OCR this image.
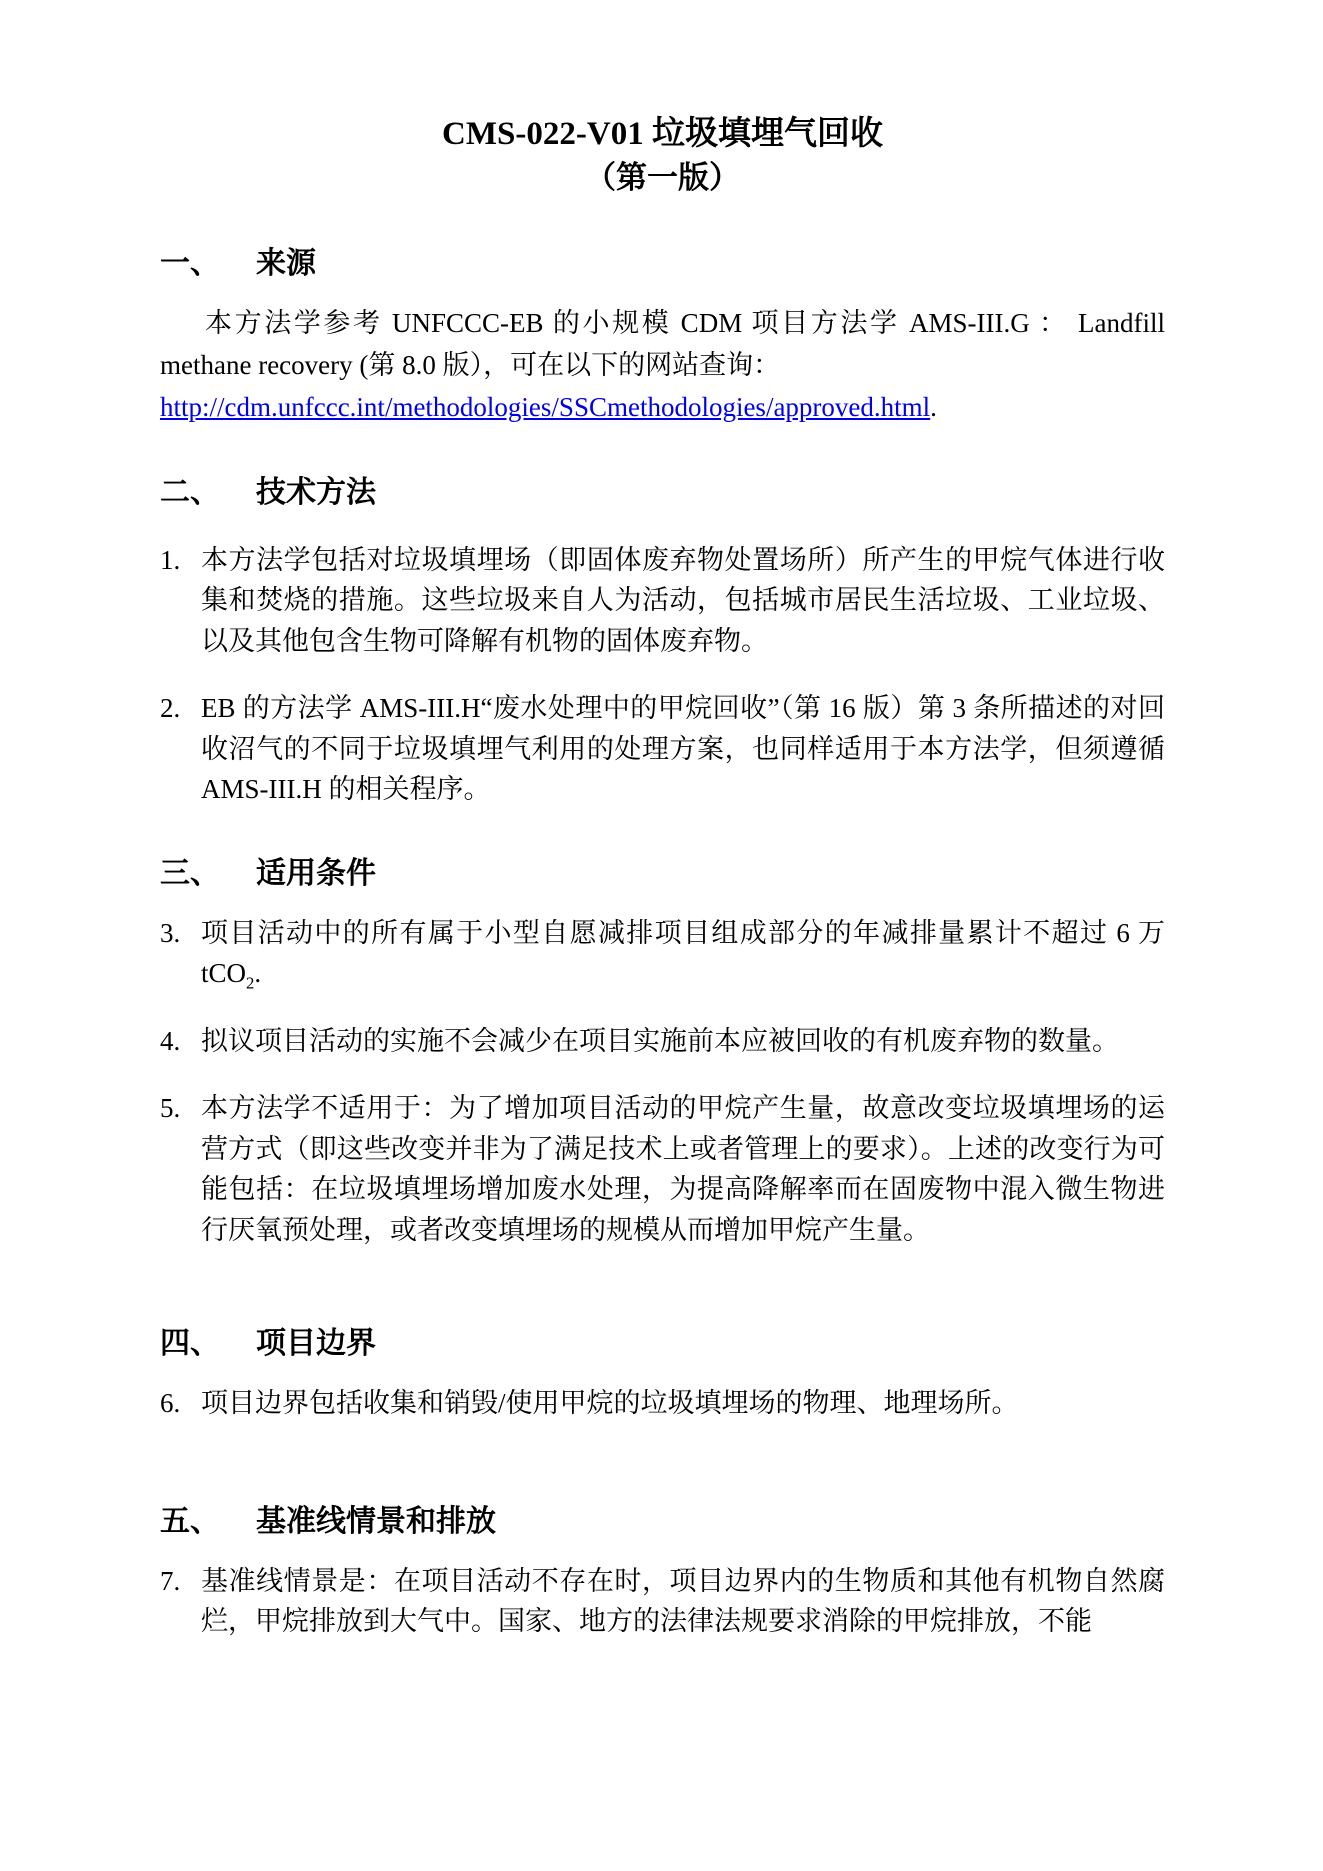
CMS-022-V01 垃圾填埋气回收
（第一版）
一、 来源

本方法学参考 UNFCCC-EB 的小规模 CDM 项目方法学 AMS-III.G ： Landfill methane recovery (第 8.0 版），可在以下的网站查询：

http://cdm.unfccc.int/methodologies/SSCmethodologies/approved.html.

二、 技术方法
1. 本方法学包括对垃圾填埋场（即固体废弃物处置场所）所产生的甲烷气体进行收集和焚烧的措施。这些垃圾来自人为活动，包括城市居民生活垃圾、工业垃圾、以及其他包含生物可降解有机物的固体废弃物。
2. EB 的方法学 AMS-III.H“废水处理中的甲烷回收”（第 16 版）第 3 条所描述的对回收沼气的不同于垃圾填埋气利用的处理方案，也同样适用于本方法学，但须遵循 AMS-III.H 的相关程序。
三、 适用条件
3. 项目活动中的所有属于小型自愿减排项目组成部分的年减排量累计不超过 6 万 tCO$_2$.
4. 拟议项目活动的实施不会减少在项目实施前本应被回收的有机废弃物的数量。
5. 本方法学不适用于：为了增加项目活动的甲烷产生量，故意改变垃圾填埋场的运营方式（即这些改变并非为了满足技术上或者管理上的要求）。上述的改变行为可能包括：在垃圾填埋场增加废水处理，为提高降解率而在固废物中混入微生物进行厌氧预处理，或者改变填埋场的规模从而增加甲烷产生量。
四、 项目边界
6. 项目边界包括收集和销毁/使用甲烷的垃圾填埋场的物理、地理场所。
五、 基准线情景和排放
7. 基准线情景是：在项目活动不存在时，项目边界内的生物质和其他有机物自然腐烂，甲烷排放到大气中。国家、地方的法律法规要求消除的甲烷排放，不能
